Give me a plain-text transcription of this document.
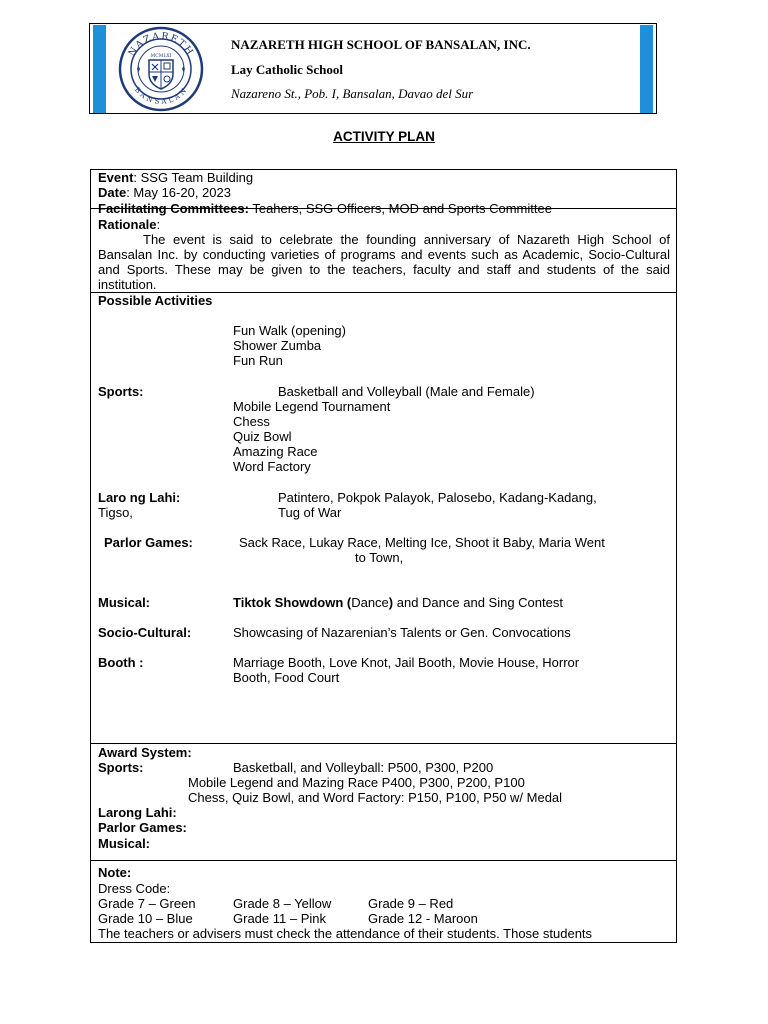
NAZARETH
BANSALAN
MCMLXI
NAZARETH HIGH SCHOOL OF BANSALAN, INC.
Lay Catholic School
Nazareno St., Pob. I, Bansalan, Davao del Sur
ACTIVITY PLAN
Event: SSG Team Building
Date: May 16-20, 2023
Facilitating Committees: Teahers, SSG Officers, MOD and Sports Committee
Rationale:
The event is said to celebrate the founding anniversary of Nazareth High School of Bansalan Inc. by conducting varieties of programs and events such as Academic, Socio-Cultural and Sports. These may be given to the teachers, faculty and staff and students of the said institution.
Possible Activities
Fun Walk (opening)
Shower Zumba
Fun Run
Sports:	Basketball and Volleyball (Male and Female)
Mobile Legend Tournament
Chess
Quiz Bowl
Amazing Race
Word Factory
Laro ng Lahi:	Patintero, Pokpok Palayok, Palosebo, Kadang-Kadang,
Tigso,	Tug of War
Parlor Games:	Sack Race, Lukay Race, Melting Ice, Shoot it Baby, Maria Went
to Town,
Musical:	Tiktok Showdown (Dance) and Dance and Sing Contest
Socio-Cultural:	Showcasing of Nazarenian’s Talents or Gen. Convocations
Booth :	Marriage Booth, Love Knot, Jail Booth, Movie House, Horror
Booth, Food Court
Award System:
Sports:	Basketball, and Volleyball: P500, P300, P200
Mobile Legend and Mazing Race P400, P300, P200, P100
Chess, Quiz Bowl, and Word Factory: P150, P100, P50 w/ Medal
Larong Lahi:
Parlor Games:
Musical:
Note:
Dress Code:
Grade 7 – Green	Grade 8 – Yellow	Grade 9 – Red
Grade 10 – Blue	Grade 11 – Pink	Grade 12 - Maroon
The teachers or advisers must check the attendance of their students. Those students
